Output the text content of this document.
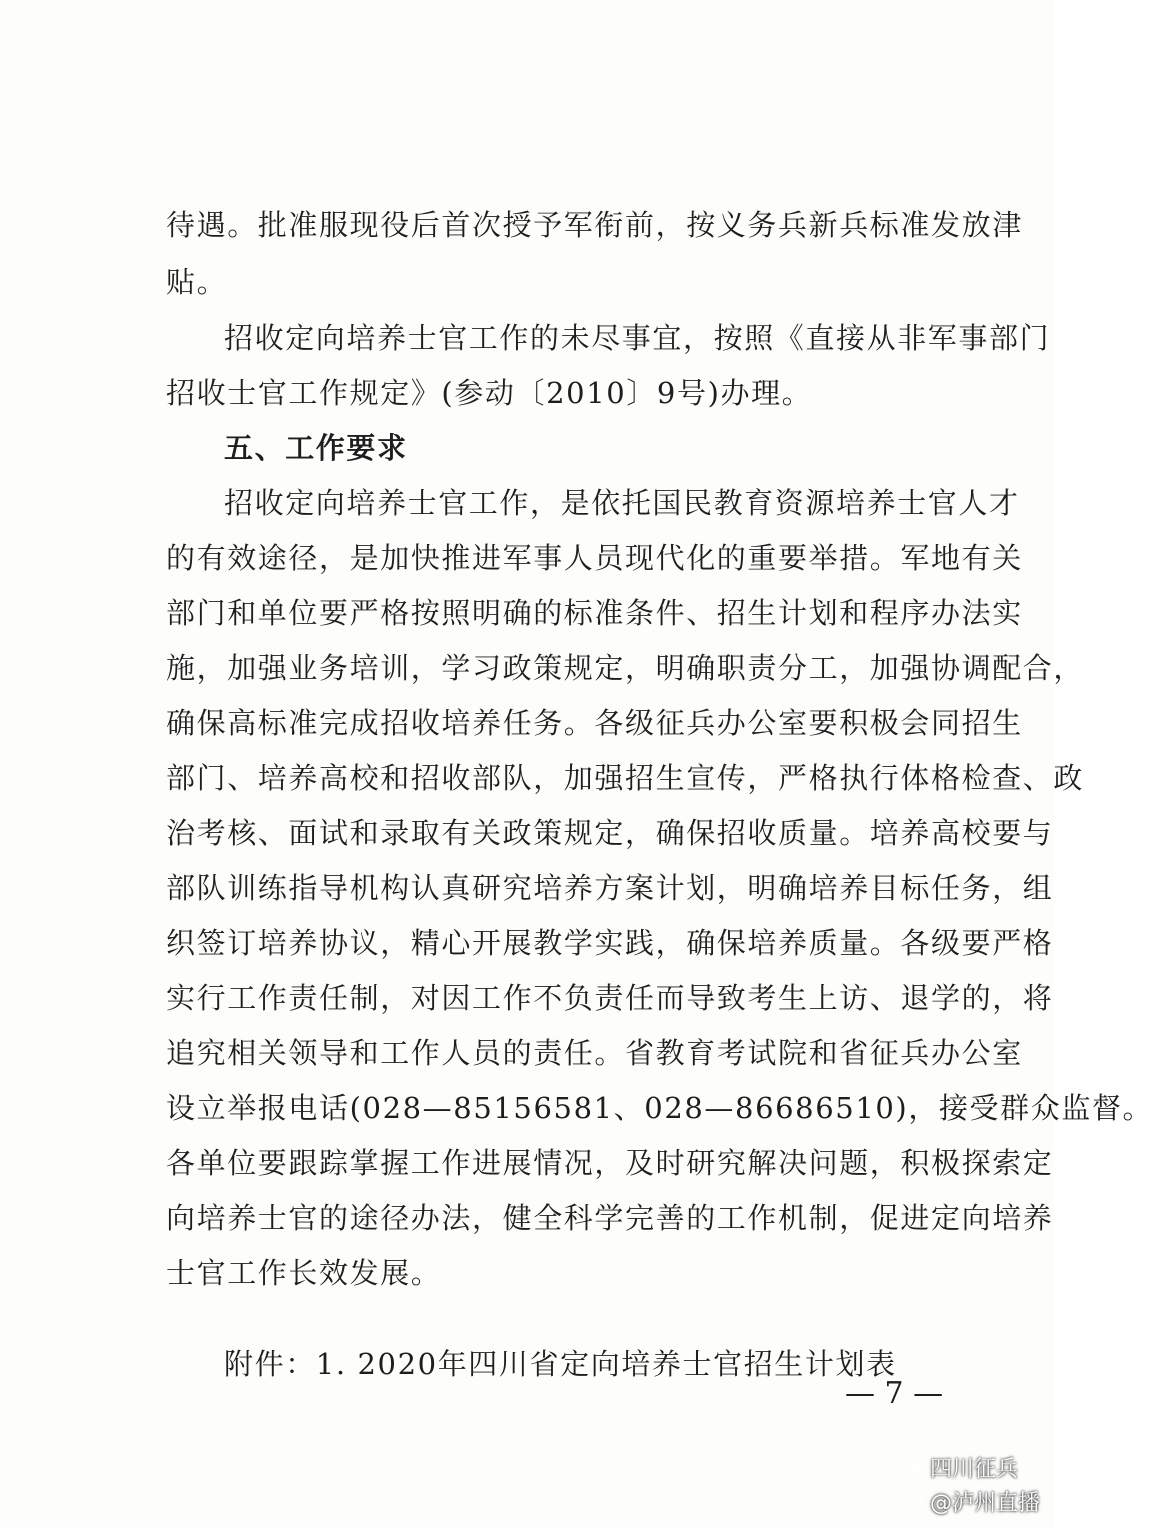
待遇。批准服现役后首次授予军衔前，按义务兵新兵标准发放津
贴。
招收定向培养士官工作的未尽事宜，按照《直接从非军事部门
招收士官工作规定》(参动〔2010〕9号)办理。
五、工作要求
招收定向培养士官工作，是依托国民教育资源培养士官人才
的有效途径，是加快推进军事人员现代化的重要举措。军地有关
部门和单位要严格按照明确的标准条件、招生计划和程序办法实
施，加强业务培训，学习政策规定，明确职责分工，加强协调配合，
确保高标准完成招收培养任务。各级征兵办公室要积极会同招生
部门、培养高校和招收部队，加强招生宣传，严格执行体格检查、政
治考核、面试和录取有关政策规定，确保招收质量。培养高校要与
部队训练指导机构认真研究培养方案计划，明确培养目标任务，组
织签订培养协议，精心开展教学实践，确保培养质量。各级要严格
实行工作责任制，对因工作不负责任而导致考生上访、退学的，将
追究相关领导和工作人员的责任。省教育考试院和省征兵办公室
设立举报电话(028—85156581、028—86686510)，接受群众监督。
各单位要跟踪掌握工作进展情况，及时研究解决问题，积极探索定
向培养士官的途径办法，健全科学完善的工作机制，促进定向培养
士官工作长效发展。
附件：1. 2020年四川省定向培养士官招生计划表
— 7 —
四川征兵
@泸州直播
